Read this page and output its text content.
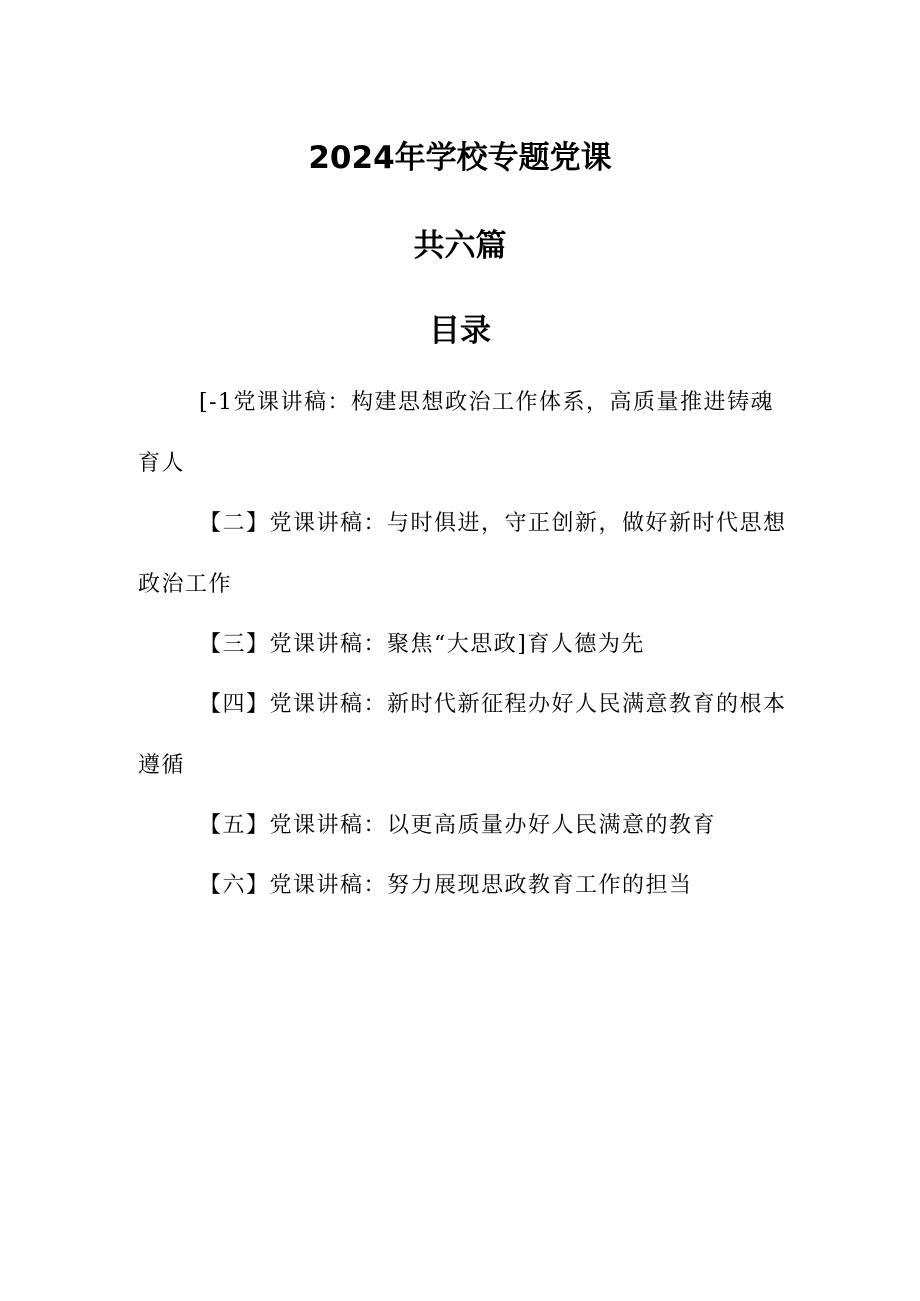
2024年学校专题党课
共六篇
目录
[-1党课讲稿：构建思想政治工作体系，高质量推进铸魂育人
【二】党课讲稿：与时俱进，守正创新，做好新时代思想政治工作
【三】党课讲稿：聚焦“大思政]育人德为先
【四】党课讲稿：新时代新征程办好人民满意教育的根本遵循
【五】党课讲稿：以更高质量办好人民满意的教育
【六】党课讲稿：努力展现思政教育工作的担当
